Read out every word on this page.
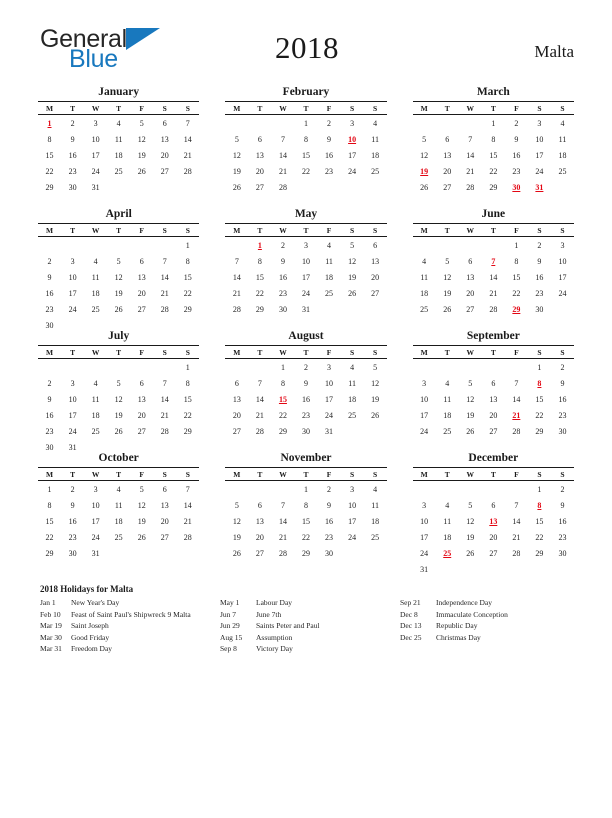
General
Blue	2018	Malta
January
M	T	W	T	F	S	S
1	2	3	4	5	6	7
8	9	10	11	12	13	14
15	16	17	18	19	20	21
22	23	24	25	26	27	28
29	30	31				
February
M	T	W	T	F	S	S
			1	2	3	4
5	6	7	8	9	10	11
12	13	14	15	16	17	18
19	20	21	22	23	24	25
26	27	28				
March
M	T	W	T	F	S	S
			1	2	3	4
5	6	7	8	9	10	11
12	13	14	15	16	17	18
19	20	21	22	23	24	25
26	27	28	29	30	31	
April
M	T	W	T	F	S	S
						1
2	3	4	5	6	7	8
9	10	11	12	13	14	15
16	17	18	19	20	21	22
23	24	25	26	27	28	29
30						
May
M	T	W	T	F	S	S
	1	2	3	4	5	6
7	8	9	10	11	12	13
14	15	16	17	18	19	20
21	22	23	24	25	26	27
28	29	30	31			
June
M	T	W	T	F	S	S
				1	2	3
4	5	6	7	8	9	10
11	12	13	14	15	16	17
18	19	20	21	22	23	24
25	26	27	28	29	30	
July
M	T	W	T	F	S	S
						1
2	3	4	5	6	7	8
9	10	11	12	13	14	15
16	17	18	19	20	21	22
23	24	25	26	27	28	29
30	31					
August
M	T	W	T	F	S	S
		1	2	3	4	5
6	7	8	9	10	11	12
13	14	15	16	17	18	19
20	21	22	23	24	25	26
27	28	29	30	31		
September
M	T	W	T	F	S	S
					1	2
3	4	5	6	7	8	9
10	11	12	13	14	15	16
17	18	19	20	21	22	23
24	25	26	27	28	29	30
October
M	T	W	T	F	S	S
1	2	3	4	5	6	7
8	9	10	11	12	13	14
15	16	17	18	19	20	21
22	23	24	25	26	27	28
29	30	31				
November
M	T	W	T	F	S	S
			1	2	3	4
5	6	7	8	9	10	11
12	13	14	15	16	17	18
19	20	21	22	23	24	25
26	27	28	29	30		
December
M	T	W	T	F	S	S
					1	2
3	4	5	6	7	8	9
10	11	12	13	14	15	16
17	18	19	20	21	22	23
24	25	26	27	28	29	30
31						
2018 Holidays for Malta
Jan 1	New Year's Day
Feb 10	Feast of Saint Paul's Shipwreck 9 Malta
Mar 19	Saint Joseph
Mar 30	Good Friday
Mar 31	Freedom Day
May 1	Labour Day
Jun 7	June 7th
Jun 29	Saints Peter and Paul
Aug 15	Assumption
Sep 8	Victory Day
Sep 21	Independence Day
Dec 8	Immaculate Conception
Dec 13	Republic Day
Dec 25	Christmas Day
